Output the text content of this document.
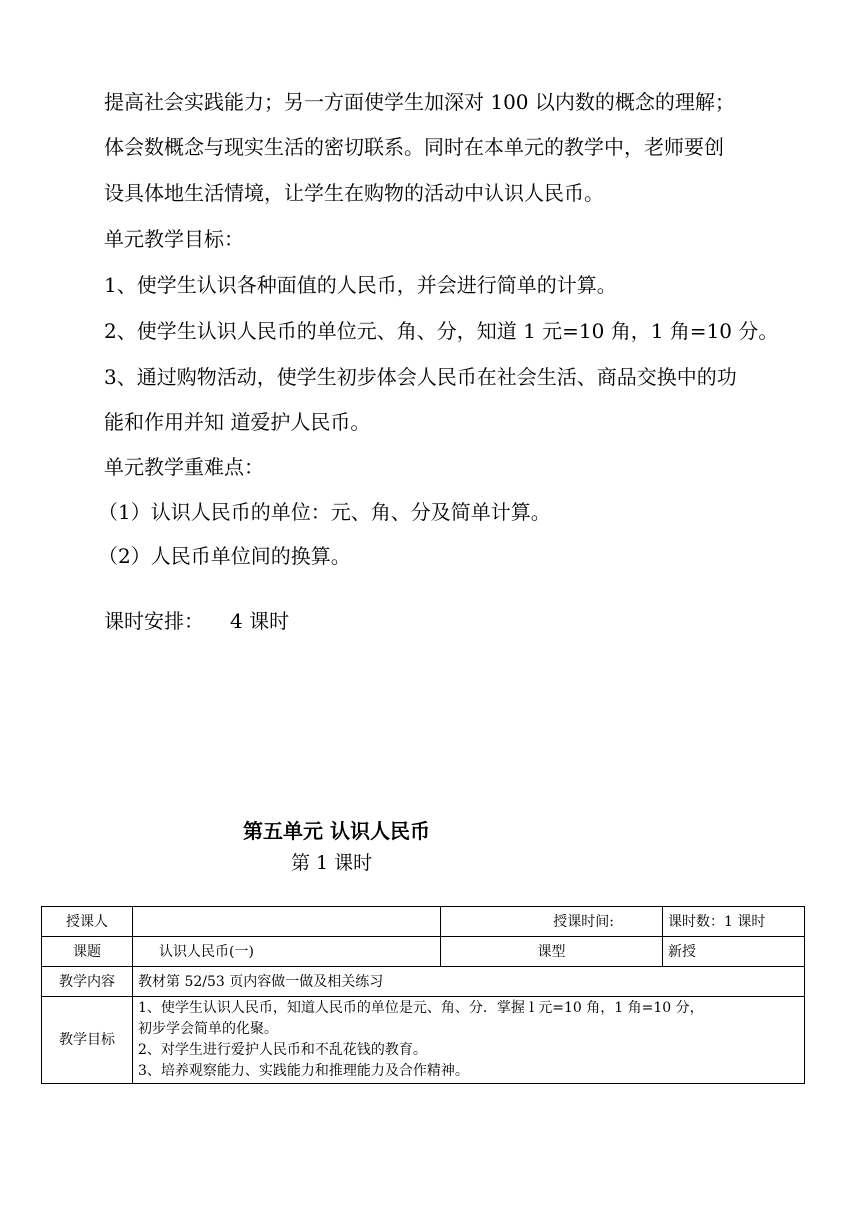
提高社会实践能力；另一方面使学生加深对 100 以内数的概念的理解；

体会数概念与现实生活的密切联系。同时在本单元的教学中，老师要创

设具体地生活情境，让学生在购物的活动中认识人民币。

单元教学目标：

1、使学生认识各种面值的人民币，并会进行简单的计算。

2、使学生认识人民币的单位元、角、分，知道 1 元=10 角，1 角=10 分。

3、通过购物活动，使学生初步体会人民币在社会生活、商品交换中的功

能和作用并知 道爱护人民币。

单元教学重难点：

（1）认识人民币的单位：元、角、分及简单计算。

（2）人民币单位间的换算。

课时安排： 4 课时

第五单元 认识人民币

第 1 课时

授课人		授课时间:	课时数：1 课时
课题	认识人民币(一)	课型	新授
教学内容	教材第 52/53 页内容做一做及相关练习		
教学目标	1、使学生认识人民币，知道人民币的单位是元、角、分．掌握 l 元=10 角，1 角=10 分，
初步学会简单的化聚。
2、对学生进行爱护人民币和不乱花钱的教育。
3、培养观察能力、实践能力和推理能力及合作精神。		
